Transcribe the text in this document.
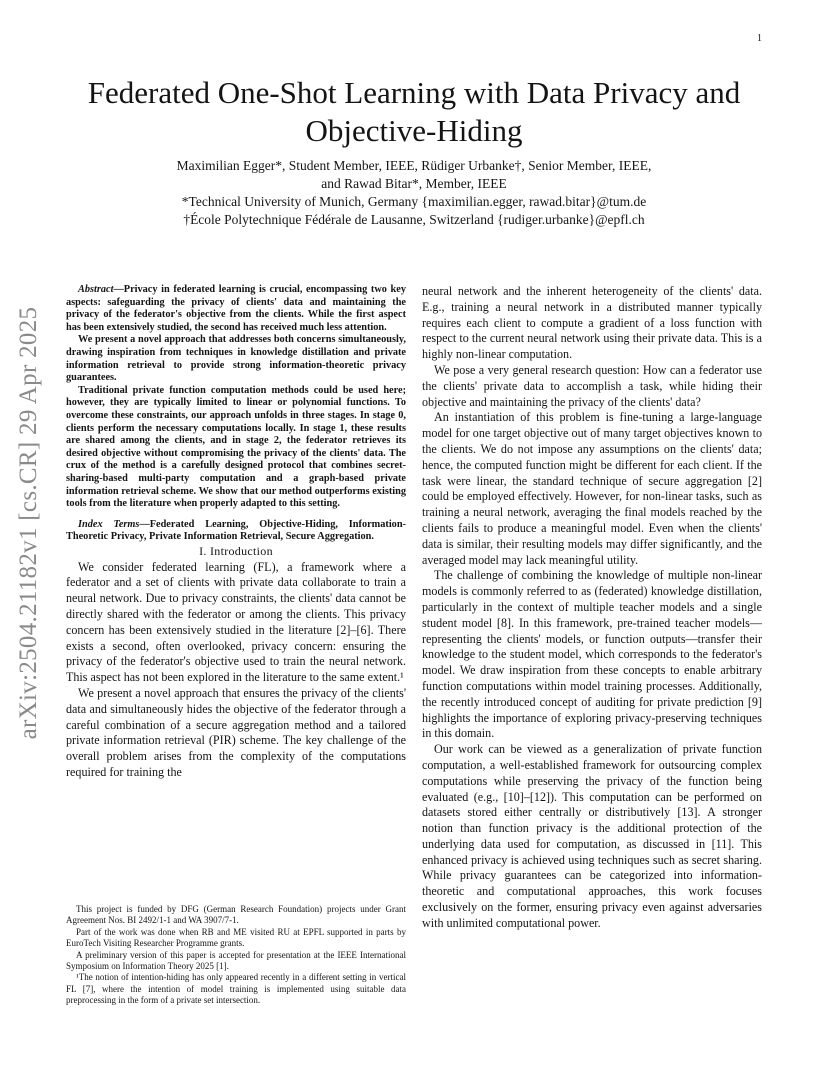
1
arXiv:2504.21182v1 [cs.CR] 29 Apr 2025
Federated One-Shot Learning with Data Privacy and Objective-Hiding
Maximilian Egger*, Student Member, IEEE, Rüdiger Urbanke†, Senior Member, IEEE,
and Rawad Bitar*, Member, IEEE
*Technical University of Munich, Germany {maximilian.egger, rawad.bitar}@tum.de
†École Polytechnique Fédérale de Lausanne, Switzerland {rudiger.urbanke}@epfl.ch

Abstract—Privacy in federated learning is crucial, encompassing two key aspects: safeguarding the privacy of clients' data and maintaining the privacy of the federator's objective from the clients. While the first aspect has been extensively studied, the second has received much less attention.

We present a novel approach that addresses both concerns simultaneously, drawing inspiration from techniques in knowledge distillation and private information retrieval to provide strong information-theoretic privacy guarantees.

Traditional private function computation methods could be used here; however, they are typically limited to linear or polynomial functions. To overcome these constraints, our approach unfolds in three stages. In stage 0, clients perform the necessary computations locally. In stage 1, these results are shared among the clients, and in stage 2, the federator retrieves its desired objective without compromising the privacy of the clients' data. The crux of the method is a carefully designed protocol that combines secret-sharing-based multi-party computation and a graph-based private information retrieval scheme. We show that our method outperforms existing tools from the literature when properly adapted to this setting.

Index Terms—Federated Learning, Objective-Hiding, Information-Theoretic Privacy, Private Information Retrieval, Secure Aggregation.

I. Introduction

We consider federated learning (FL), a framework where a federator and a set of clients with private data collaborate to train a neural network. Due to privacy constraints, the clients' data cannot be directly shared with the federator or among the clients. This privacy concern has been extensively studied in the literature [2]–[6]. There exists a second, often overlooked, privacy concern: ensuring the privacy of the federator's objective used to train the neural network. This aspect has not been explored in the literature to the same extent.¹

We present a novel approach that ensures the privacy of the clients' data and simultaneously hides the objective of the federator through a careful combination of a secure aggregation method and a tailored private information retrieval (PIR) scheme. The key challenge of the overall problem arises from the complexity of the computations required for training the

This project is funded by DFG (German Research Foundation) projects under Grant Agreement Nos. BI 2492/1-1 and WA 3907/7-1.

Part of the work was done when RB and ME visited RU at EPFL supported in parts by EuroTech Visiting Researcher Programme grants.

A preliminary version of this paper is accepted for presentation at the IEEE International Symposium on Information Theory 2025 [1].

¹The notion of intention-hiding has only appeared recently in a different setting in vertical FL [7], where the intention of model training is implemented using suitable data preprocessing in the form of a private set intersection.

neural network and the inherent heterogeneity of the clients' data. E.g., training a neural network in a distributed manner typically requires each client to compute a gradient of a loss function with respect to the current neural network using their private data. This is a highly non-linear computation.

We pose a very general research question: How can a federator use the clients' private data to accomplish a task, while hiding their objective and maintaining the privacy of the clients' data?

An instantiation of this problem is fine-tuning a large-language model for one target objective out of many target objectives known to the clients. We do not impose any assumptions on the clients' data; hence, the computed function might be different for each client. If the task were linear, the standard technique of secure aggregation [2] could be employed effectively. However, for non-linear tasks, such as training a neural network, averaging the final models reached by the clients fails to produce a meaningful model. Even when the clients' data is similar, their resulting models may differ significantly, and the averaged model may lack meaningful utility.

The challenge of combining the knowledge of multiple non-linear models is commonly referred to as (federated) knowledge distillation, particularly in the context of multiple teacher models and a single student model [8]. In this framework, pre-trained teacher models—representing the clients' models, or function outputs—transfer their knowledge to the student model, which corresponds to the federator's model. We draw inspiration from these concepts to enable arbitrary function computations within model training processes. Additionally, the recently introduced concept of auditing for private prediction [9] highlights the importance of exploring privacy-preserving techniques in this domain.

Our work can be viewed as a generalization of private function computation, a well-established framework for outsourcing complex computations while preserving the privacy of the function being evaluated (e.g., [10]–[12]). This computation can be performed on datasets stored either centrally or distributively [13]. A stronger notion than function privacy is the additional protection of the underlying data used for computation, as discussed in [11]. This enhanced privacy is achieved using techniques such as secret sharing. While privacy guarantees can be categorized into information-theoretic and computational approaches, this work focuses exclusively on the former, ensuring privacy even against adversaries with unlimited computational power.
